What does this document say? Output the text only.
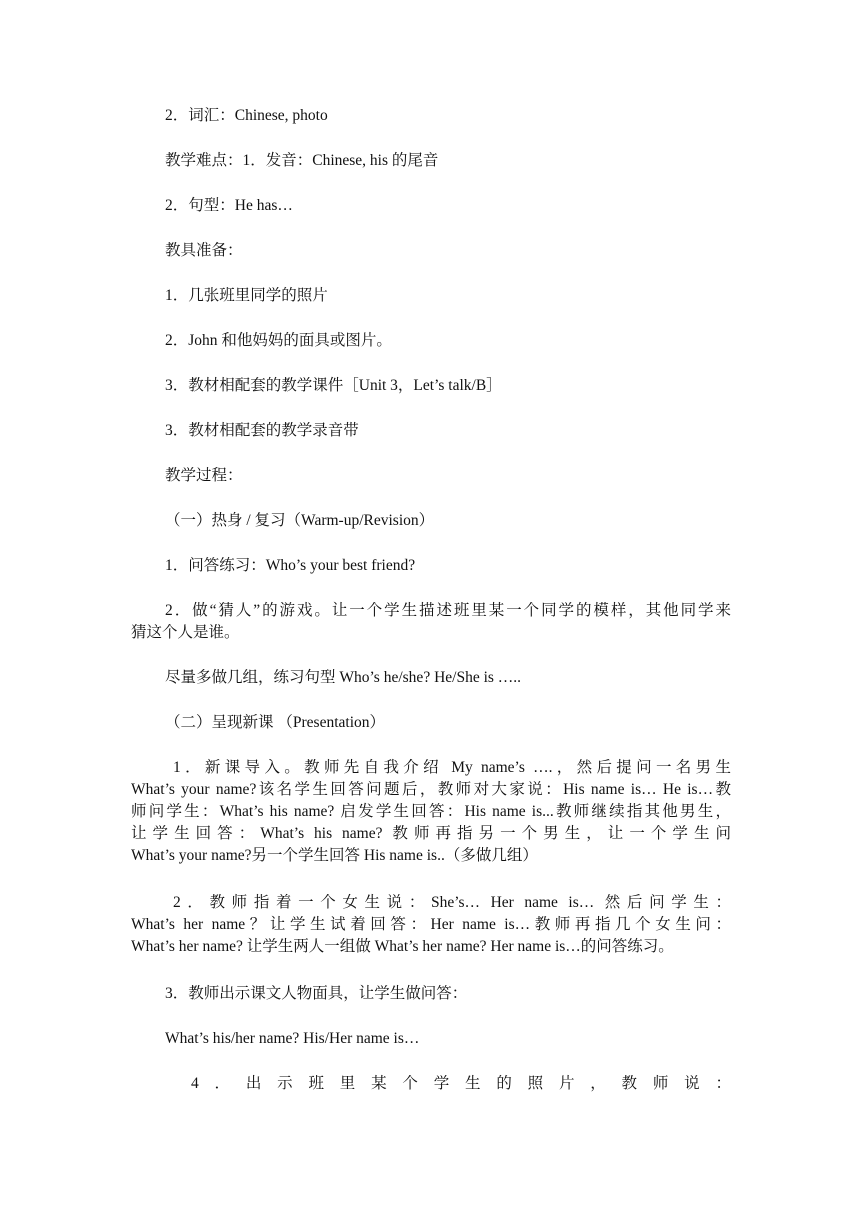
2．词汇：Chinese, photo
教学难点：1．发音：Chinese, his 的尾音
2．句型：He has…
教具准备：
1．几张班里同学的照片
2．John 和他妈妈的面具或图片。
3．教材相配套的教学课件［Unit 3，Let’s talk/B］
3．教材相配套的教学录音带
教学过程：
（一）热身 / 复习（Warm-up/Revision）
1．问答练习：Who’s your best friend?
2．做“猜人”的游戏。让一个学生描述班里某一个同学的模样，其他同学来
猜这个人是谁。
尽量多做几组，练习句型 Who’s he/she? He/She is …..
（二）呈现新课 （Presentation）
1．新课导入。教师先自我介绍 My name’s ….，然后提问一名男生
What’s your name?该名学生回答问题后，教师对大家说：His name is… He is…教
师问学生：What’s his name? 启发学生回答：His name is...教师继续指其他男生，
让学生回答：What’s his name? 教师再指另一个男生，让一个学生问
What’s your name?另一个学生回答 His name is..（多做几组）
2．教师指着一个女生说：She’s… Her name is… 然后问学生：
What’s her name？让学生试着回答：Her name is…教师再指几个女生问：
What’s her name? 让学生两人一组做 What’s her name? Her name is…的问答练习。
3．教师出示课文人物面具，让学生做问答：
What’s his/her name? His/Her name is…
4．出示班里某个学生的照片，教师说：
